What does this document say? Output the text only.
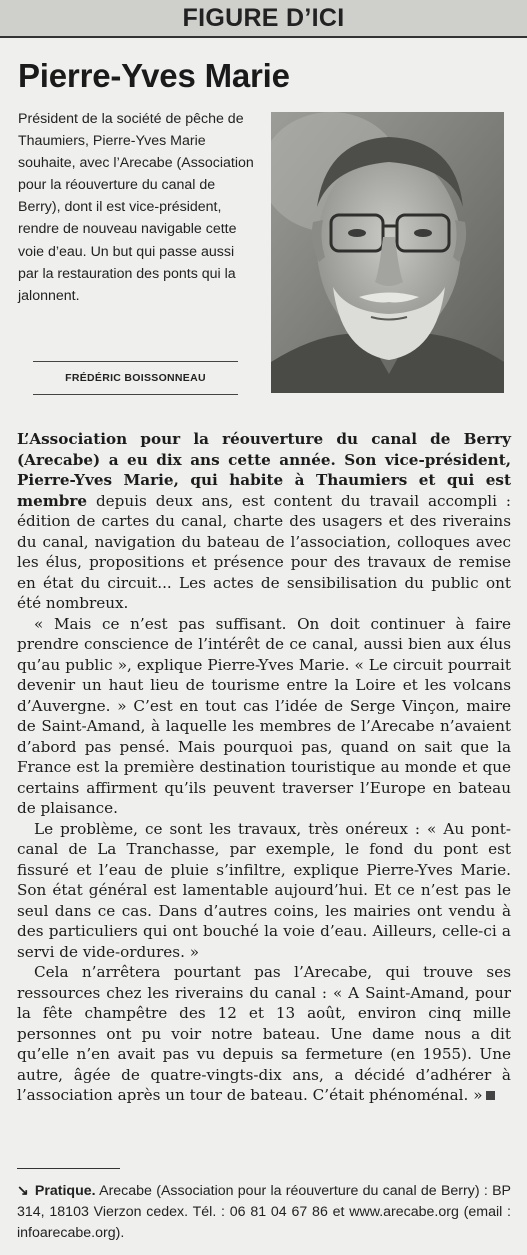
FIGURE D’ICI
Pierre-Yves Marie
Président de la société de pêche de Thaumiers, Pierre-Yves Marie souhaite, avec l’Arecabe (Association pour la réouverture du canal de Berry), dont il est vice-président, rendre de nouveau navigable cette voie d’eau. Un but qui passe aussi par la restauration des ponts qui la jalonnent.
FRÉDÉRIC BOISSONNEAU

L’Association pour la réouverture du canal de Berry (Arecabe) a eu dix ans cette année. Son vice-président, Pierre-Yves Marie, qui habite à Thaumiers et qui est membre depuis deux ans, est content du travail accompli : édition de cartes du canal, charte des usagers et des riverains du canal, navigation du bateau de l’association, colloques avec les élus, propositions et présence pour des travaux de remise en état du circuit... Les actes de sensibilisation du public ont été nombreux.

« Mais ce n’est pas suffisant. On doit continuer à faire prendre conscience de l’intérêt de ce canal, aussi bien aux élus qu’au public », explique Pierre-Yves Marie. « Le circuit pourrait devenir un haut lieu de tourisme entre la Loire et les volcans d’Auvergne. » C’est en tout cas l’idée de Serge Vinçon, maire de Saint-Amand, à laquelle les membres de l’Arecabe n’avaient d’abord pas pensé. Mais pourquoi pas, quand on sait que la France est la première destination touristique au monde et que certains affirment qu’ils peuvent traverser l’Europe en bateau de plaisance.

Le problème, ce sont les travaux, très onéreux : « Au pont-canal de La Tranchasse, par exemple, le fond du pont est fissuré et l’eau de pluie s’infiltre, explique Pierre-Yves Marie. Son état général est lamentable aujourd’hui. Et ce n’est pas le seul dans ce cas. Dans d’autres coins, les mairies ont vendu à des particuliers qui ont bouché la voie d’eau. Ailleurs, celle-ci a servi de vide-ordures. »

Cela n’arrêtera pourtant pas l’Arecabe, qui trouve ses ressources chez les riverains du canal : « A Saint-Amand, pour la fête champêtre des 12 et 13 août, environ cinq mille personnes ont pu voir notre bateau. Une dame nous a dit qu’elle n’en avait pas vu depuis sa fermeture (en 1955). Une autre, âgée de quatre-vingts-dix ans, a décidé d’adhérer à l’association après un tour de bateau. C’était phénoménal. »

↘ Pratique. Arecabe (Association pour la réouverture du canal de Berry) : BP 314, 18103 Vierzon cedex. Tél. : 06 81 04 67 86 et www.arecabe.org (email : infoarecabe.org).
